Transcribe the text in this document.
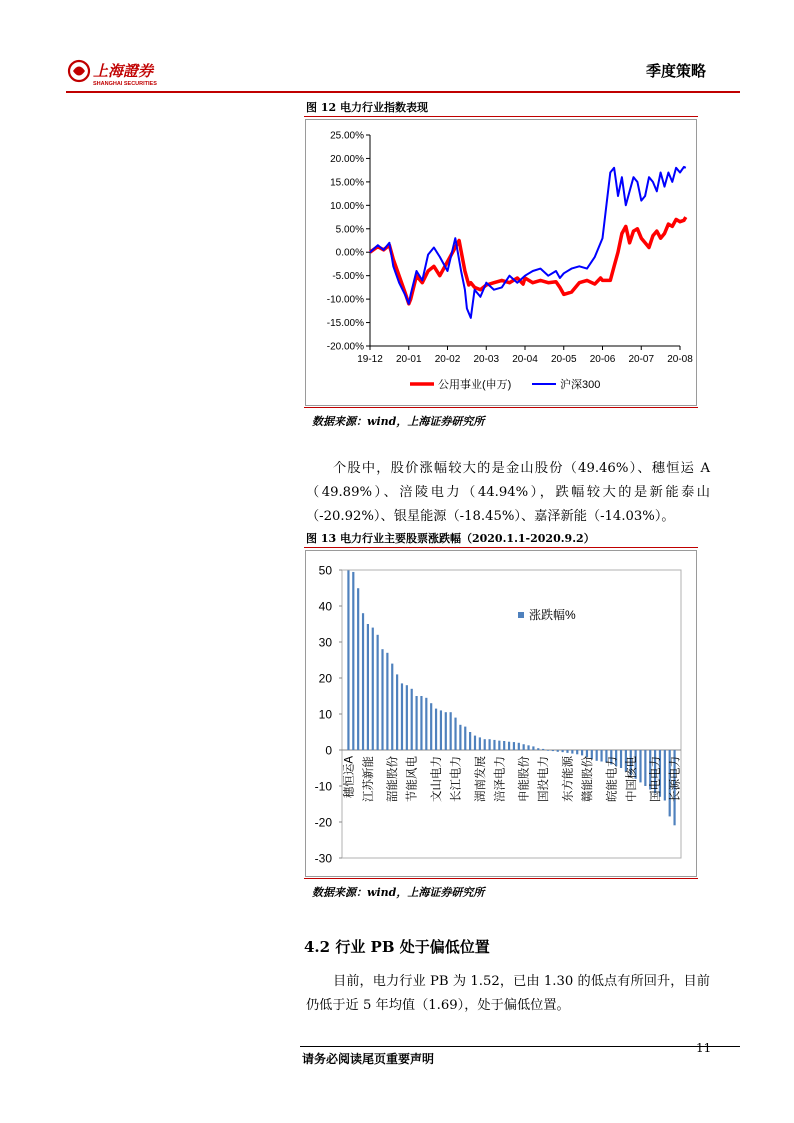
上海證券
SHANGHAI SECURITIES
季度策略
图 12 电力行业指数表现
25.00%
20.00%
15.00%
10.00%
5.00%
0.00%
-5.00%
-10.00%
-15.00%
-20.00%
19-12 20-01 20-02 20-03 20-04 20-05 20-06 20-07 20-08
公用事业(申万)	沪深300
数据来源：wind，上海证券研究所
个股中，股价涨幅较大的是金山股份（49.46%）、穗恒运 A（49.89%）、涪陵电力（44.94%），跌幅较大的是新能泰山（-20.92%）、银星能源（-18.45%）、嘉泽新能（-14.03%）。
图 13 电力行业主要股票涨跌幅（2020.1.1-2020.9.2）
50
40
30
20
10
0
-10
-20
-30
穗恒运A 江苏新能 韶能股份 节能风电 文山电力 长江电力 湖南发展 涪泽电力 申能股份 国投电力 东方能源 赣能股份 皖能电力 中国核电 国电电力 长源电力
涨跌幅%
数据来源：wind，上海证券研究所
4.2 行业 PB 处于偏低位置
目前，电力行业 PB 为 1.52，已由 1.30 的低点有所回升，目前仍低于近 5 年均值（1.69），处于偏低位置。
11
请务必阅读尾页重要声明
